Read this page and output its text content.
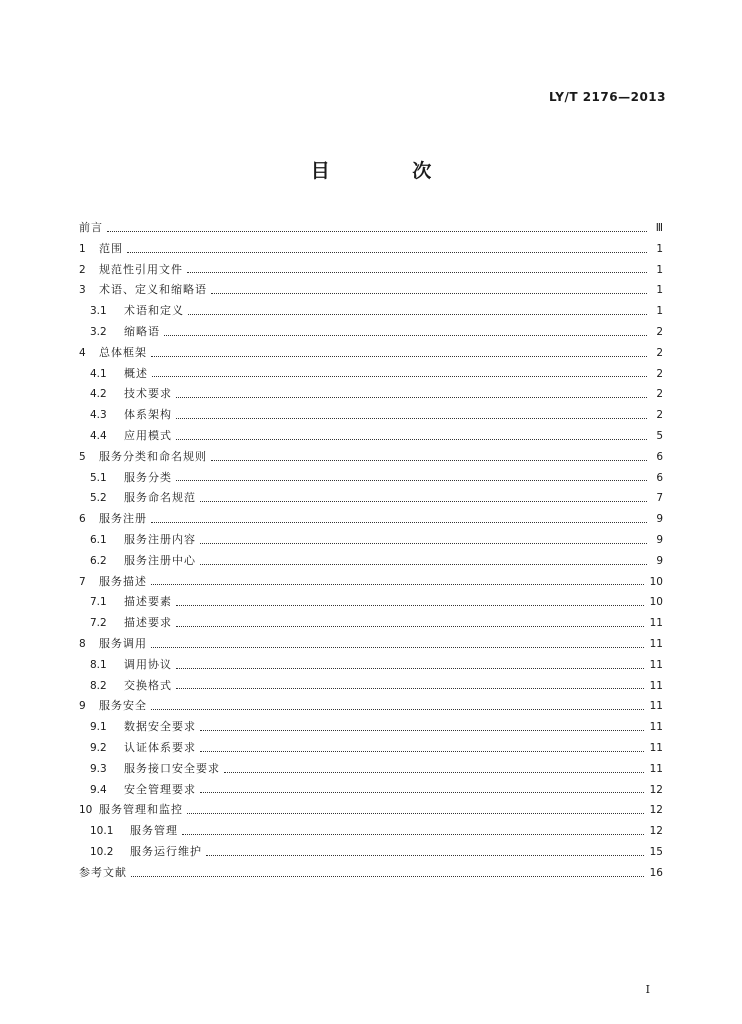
LY/T 2176—2013
目 次
前言	Ⅲ
1	范围	1
2	规范性引用文件	1
3	术语、定义和缩略语	1
3.1	术语和定义	1
3.2	缩略语	2
4	总体框架	2
4.1	概述	2
4.2	技术要求	2
4.3	体系架构	2
4.4	应用模式	5
5	服务分类和命名规则	6
5.1	服务分类	6
5.2	服务命名规范	7
6	服务注册	9
6.1	服务注册内容	9
6.2	服务注册中心	9
7	服务描述	10
7.1	描述要素	10
7.2	描述要求	11
8	服务调用	11
8.1	调用协议	11
8.2	交换格式	11
9	服务安全	11
9.1	数据安全要求	11
9.2	认证体系要求	11
9.3	服务接口安全要求	11
9.4	安全管理要求	12
10 服务管理和监控	12
10.1	服务管理	12
10.2	服务运行维护	15
参考文献	16
I
